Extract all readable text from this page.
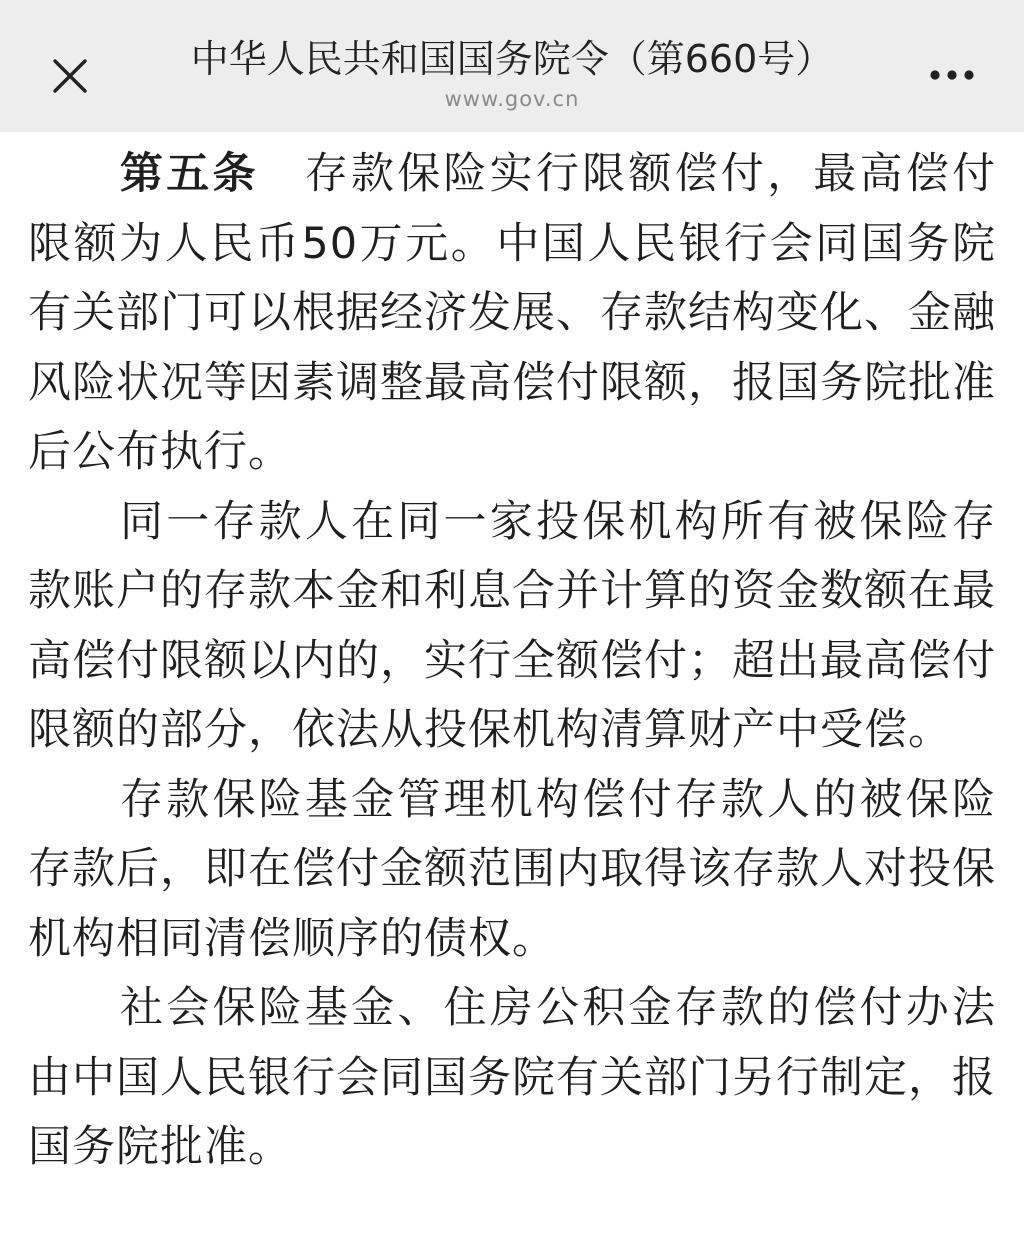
中华人民共和国国务院令（第660号）
www.gov.cn

第五条 存款保险实行限额偿付，最高偿付限额为人民币50万元。中国人民银行会同国务院有关部门可以根据经济发展、存款结构变化、金融风险状况等因素调整最高偿付限额，报国务院批准后公布执行。

同一存款人在同一家投保机构所有被保险存款账户的存款本金和利息合并计算的资金数额在最高偿付限额以内的，实行全额偿付；超出最高偿付限额的部分，依法从投保机构清算财产中受偿。

存款保险基金管理机构偿付存款人的被保险存款后，即在偿付金额范围内取得该存款人对投保机构相同清偿顺序的债权。

社会保险基金、住房公积金存款的偿付办法由中国人民银行会同国务院有关部门另行制定，报国务院批准。
